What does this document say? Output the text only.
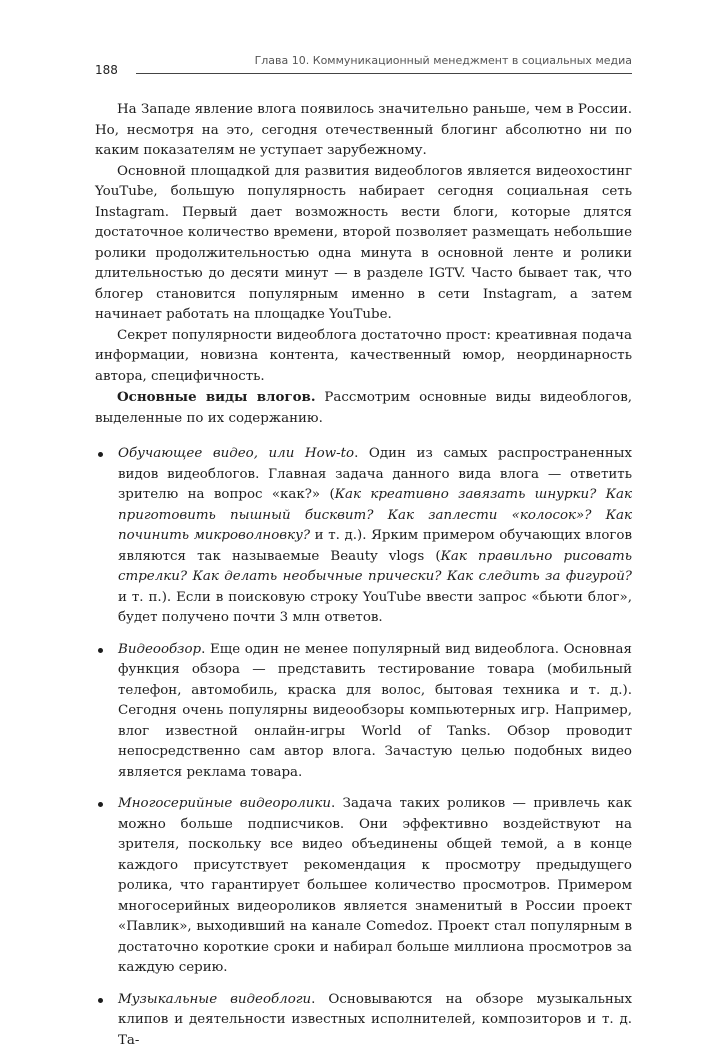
188
Глава 10. Коммуникационный менеджмент в социальных медиа

На Западе явление влога появилось значительно раньше, чем в России. Но, несмотря на это, сегодня отечественный блогинг абсолютно ни по каким показателям не уступает зарубежному.

Основной площадкой для развития видеоблогов является видеохостинг YouTube, большую популярность набирает сегодня социальная сеть Instagram. Первый дает возможность вести блоги, которые длятся достаточное количество времени, второй позволяет размещать небольшие ролики продолжительностью одна минута в основной ленте и ролики длительностью до десяти минут — в разделе IGTV. Часто бывает так, что блогер становится популярным именно в сети Instagram, а затем начинает работать на площадке YouTube.

Секрет популярности видеоблога достаточно прост: креативная подача информации, новизна контента, качественный юмор, неординарность автора, специфичность.

Основные виды влогов. Рассмотрим основные виды видеоблогов, выделенные по их содержанию.

Обучающее видео, или How-to. Один из самых распространенных видов видеоблогов. Главная задача данного вида влога — ответить зрителю на вопрос «как?» (Как креативно завязать шнурки? Как приготовить пышный бисквит? Как заплести «колосок»? Как починить микроволновку? и т. д.). Ярким примером обучающих влогов являются так называемые Beauty vlogs (Как правильно рисовать стрелки? Как делать необычные прически? Как следить за фигурой? и т. п.). Если в поисковую строку YouTube ввести запрос «бьюти блог», будет получено почти 3 млн ответов.
Видеообзор. Еще один не менее популярный вид видеоблога. Основная функция обзора — представить тестирование товара (мобильный телефон, автомобиль, краска для волос, бытовая техника и т. д.). Сегодня очень популярны видеообзоры компьютерных игр. Например, влог известной онлайн-игры World of Tanks. Обзор проводит непосредственно сам автор влога. Зачастую целью подобных видео является реклама товара.
Многосерийные видеоролики. Задача таких роликов — привлечь как можно больше подписчиков. Они эффективно воздействуют на зрителя, поскольку все видео объединены общей темой, а в конце каждого присутствует рекомендация к просмотру предыдущего ролика, что гарантирует большее количество просмотров. Примером многосерийных видеороликов является знаменитый в России проект «Павлик», выходивший на канале Comedoz. Проект стал популярным в достаточно короткие сроки и набирал больше миллиона просмотров за каждую серию.
Музыкальные видеоблоги. Основываются на обзоре музыкальных клипов и деятельности известных исполнителей, композиторов и т. д. Та-
